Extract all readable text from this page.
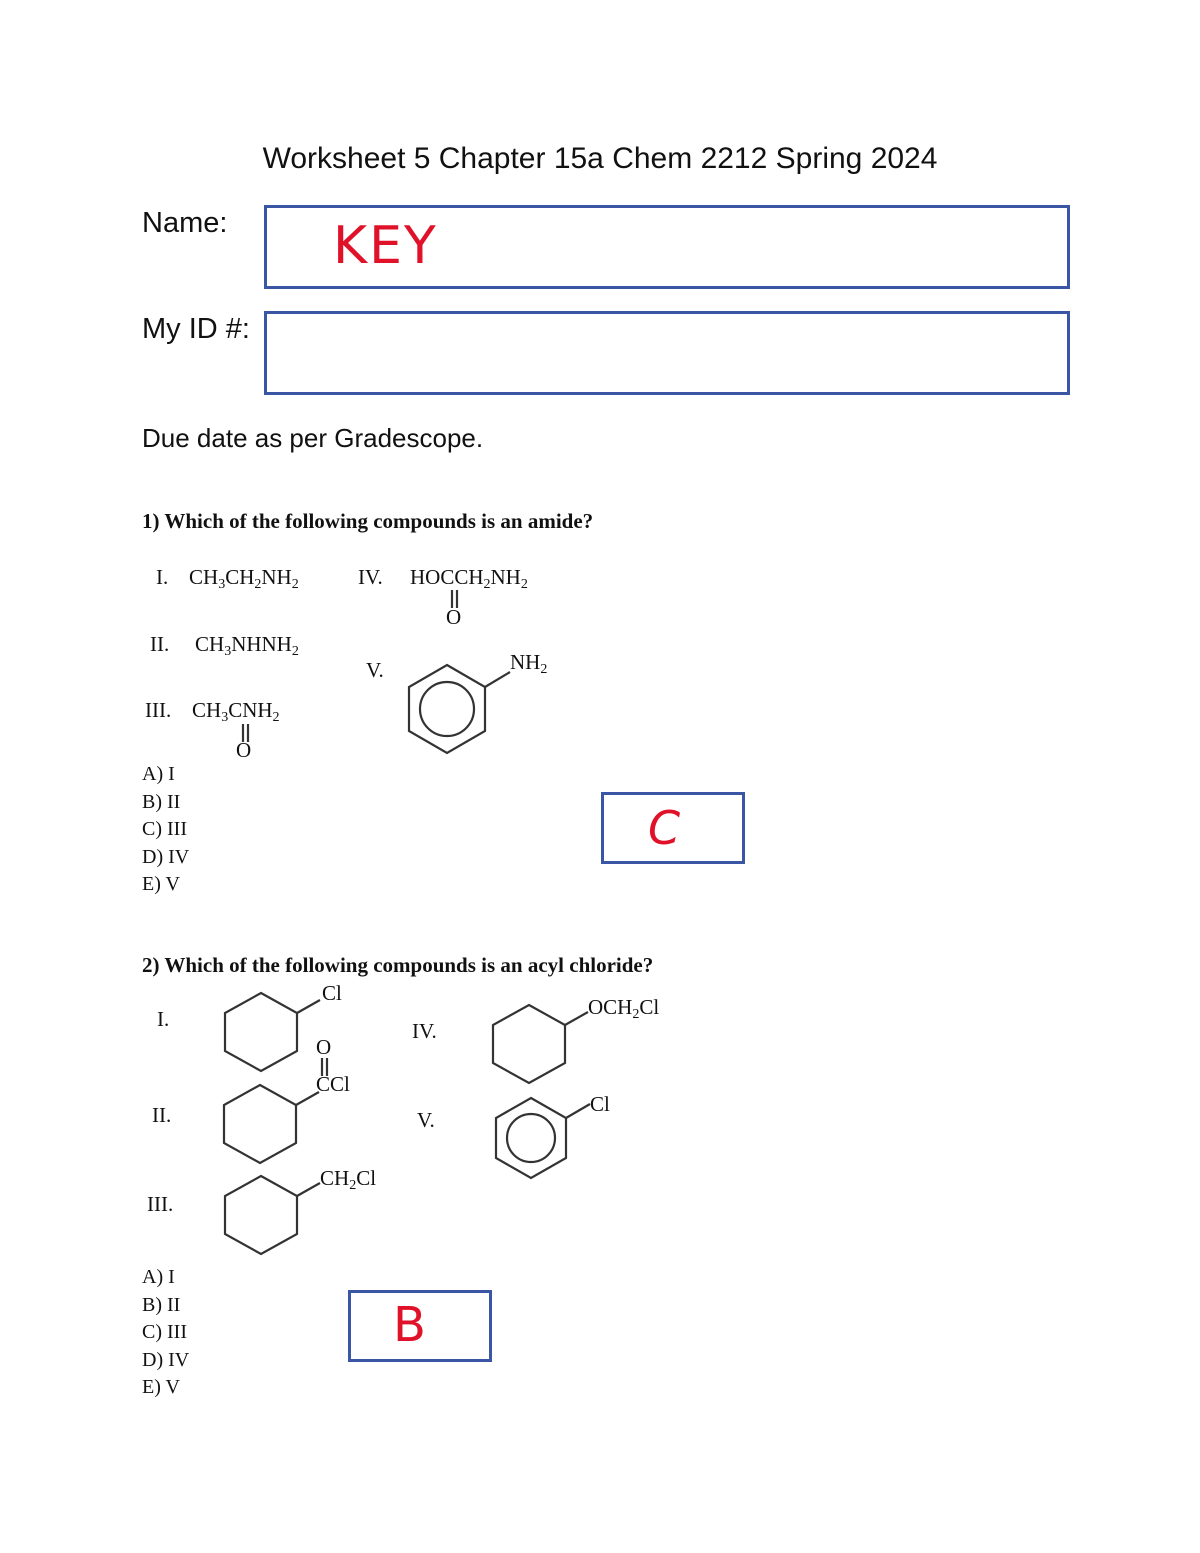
Worksheet 5 Chapter 15a Chem 2212 Spring 2024
Name: KEY
My ID #:
Due date as per Gradescope.
1) Which of the following compounds is an amide?
I. $CH_3CH_2NH_2$
II. $CH_3NHNH_2$
III. $CH_3CNH_2$
O
IV. $HOCCH_2NH_2$
O
V.	$NH_2$
A) I
B) II
C) III
D) IV
E) V
C
2) Which of the following compounds is an acyl chloride?
I.
Cl
II.
O
CCl
III.
$CH_2Cl$
IV.
$OCH_2Cl$
V.
Cl
A) I
B) II
C) III
D) IV
E) V
B
